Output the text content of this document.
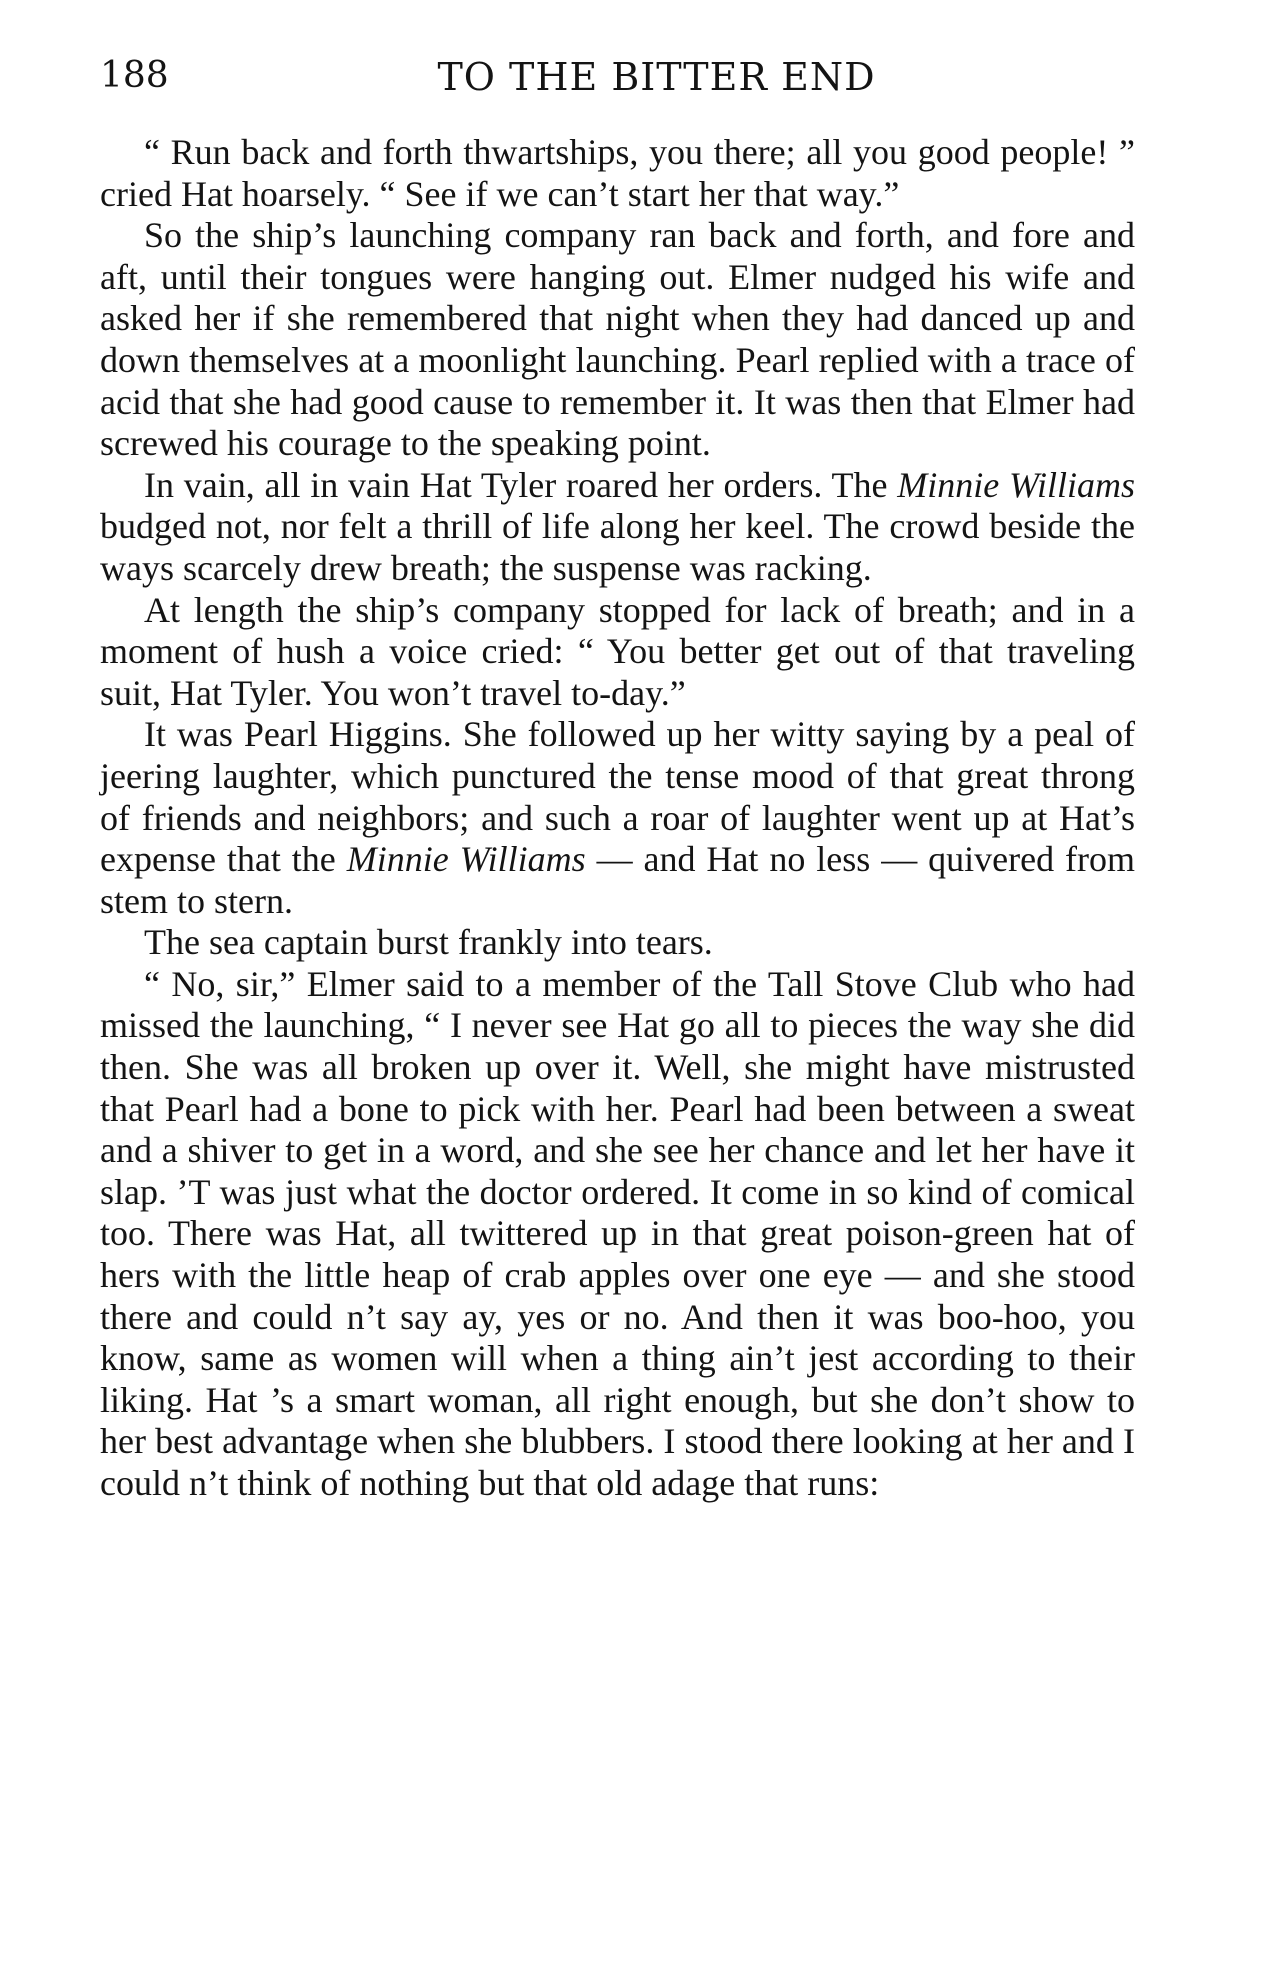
188	TO THE BITTER END

“ Run back and forth thwartships, you there; all you good people! ” cried Hat hoarsely. “ See if we can’t start her that way.”

So the ship’s launching company ran back and forth, and fore and aft, until their tongues were hanging out. Elmer nudged his wife and asked her if she remembered that night when they had danced up and down themselves at a moonlight launching. Pearl replied with a trace of acid that she had good cause to remember it. It was then that Elmer had screwed his courage to the speaking point.

In vain, all in vain Hat Tyler roared her orders. The Minnie Williams budged not, nor felt a thrill of life along her keel. The crowd beside the ways scarcely drew breath; the suspense was racking.

At length the ship’s company stopped for lack of breath; and in a moment of hush a voice cried: “ You better get out of that traveling suit, Hat Tyler. You won’t travel to-day.”

It was Pearl Higgins. She followed up her witty saying by a peal of jeering laughter, which punctured the tense mood of that great throng of friends and neighbors; and such a roar of laughter went up at Hat’s expense that the Minnie Williams — and Hat no less — quivered from stem to stern.

The sea captain burst frankly into tears.

“ No, sir,” Elmer said to a member of the Tall Stove Club who had missed the launching, “ I never see Hat go all to pieces the way she did then. She was all broken up over it. Well, she might have mistrusted that Pearl had a bone to pick with her. Pearl had been between a sweat and a shiver to get in a word, and she see her chance and let her have it slap. ’T was just what the doctor ordered. It come in so kind of comical too. There was Hat, all twittered up in that great poison-green hat of hers with the little heap of crab apples over one eye — and she stood there and could n’t say ay, yes or no. And then it was boo-hoo, you know, same as women will when a thing ain’t jest according to their liking. Hat ’s a smart woman, all right enough, but she don’t show to her best advantage when she blubbers. I stood there looking at her and I could n’t think of nothing but that old adage that runs:
